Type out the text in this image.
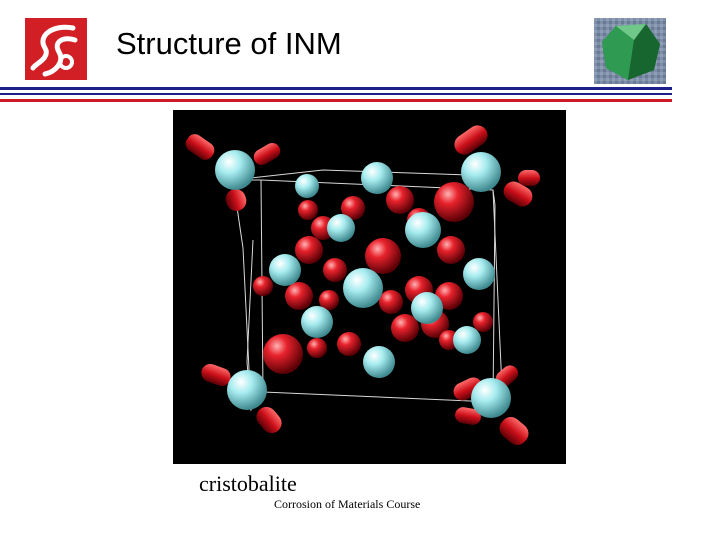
Structure of INM
cristobalite
Corrosion of Materials Course
